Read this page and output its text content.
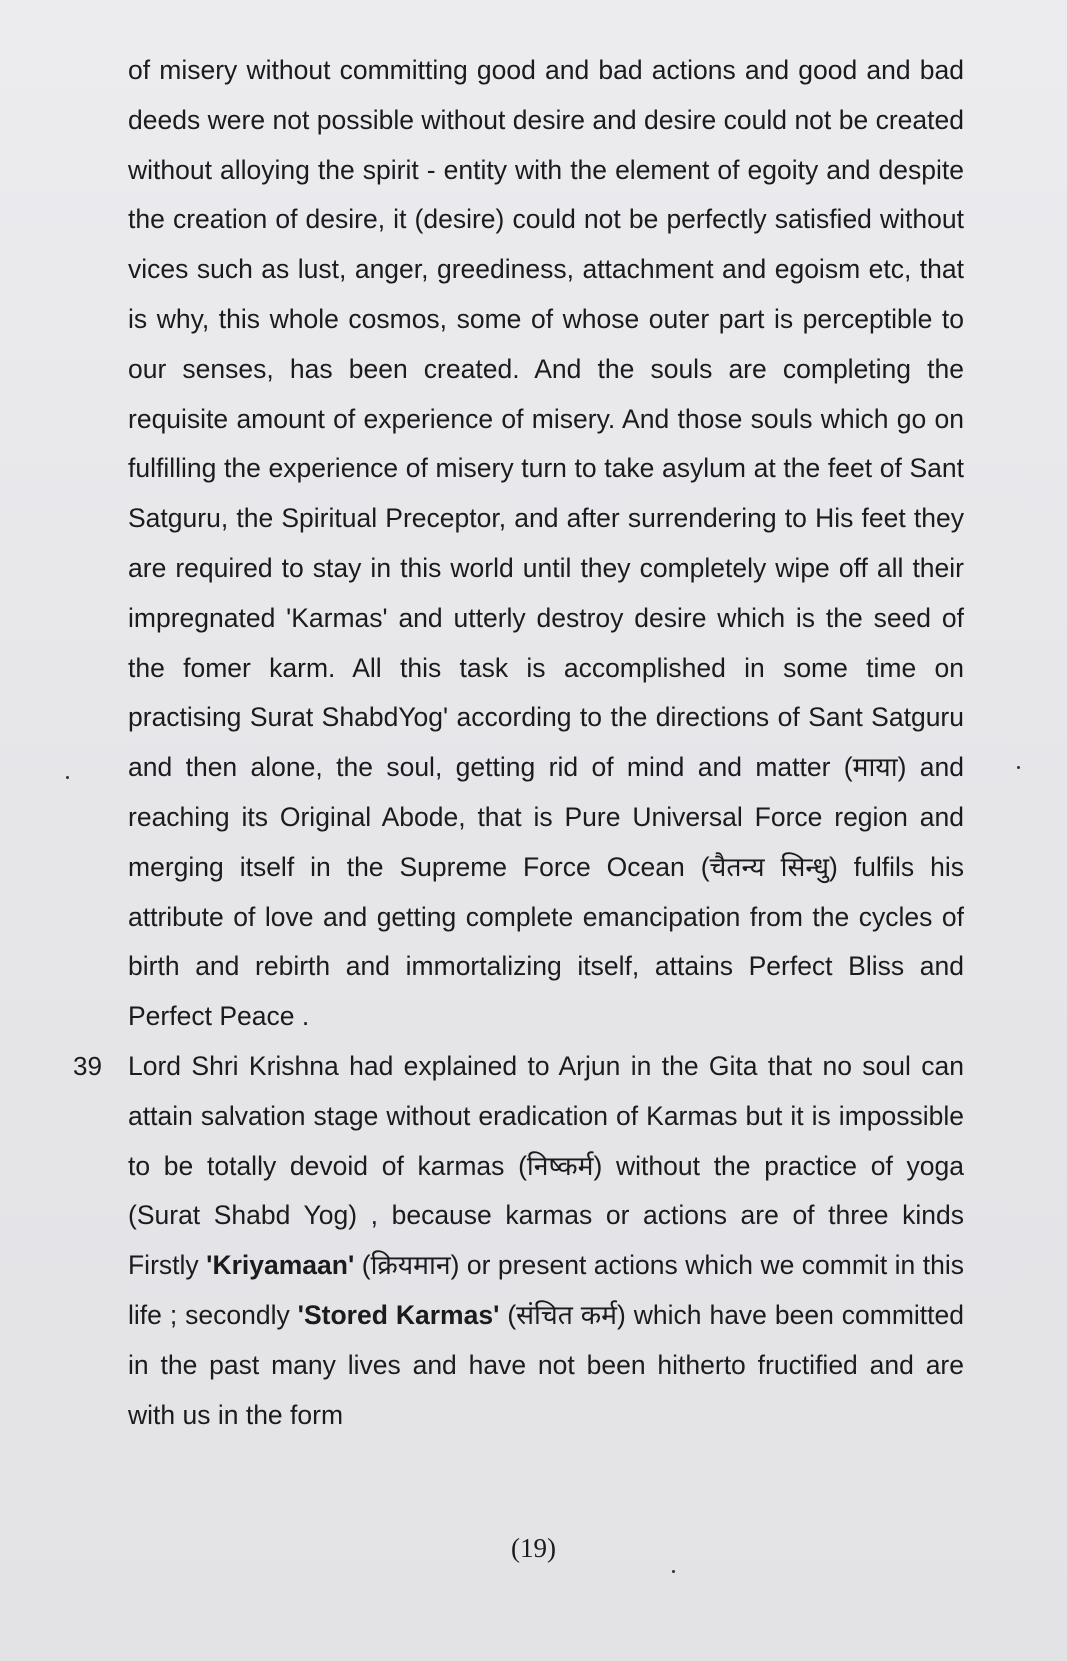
of misery without committing good and bad actions and good and bad deeds were not possible without desire and desire could not be created without alloying the spirit - entity with the element of egoity and despite the creation of desire, it (desire) could not be perfectly satisfied without vices such as lust, anger, greediness, attachment and egoism etc, that is why, this whole cosmos, some of whose outer part is perceptible to our senses, has been created. And the souls are completing the requisite amount of experience of misery. And those souls which go on fulfilling the experience of misery turn to take asylum at the feet of Sant Satguru, the Spiritual Preceptor, and after surrendering to His feet they are required to stay in this world until they completely wipe off all their impregnated 'Karmas' and utterly destroy desire which is the seed of the fomer karm. All this task is accomplished in some time on practising Surat ShabdYog' according to the directions of Sant Satguru and then alone, the soul, getting rid of mind and matter (माया) and reaching its Original Abode, that is Pure Universal Force region and merging itself in the Supreme Force Ocean (चैतन्य सिन्धु) fulfils his attribute of love and getting complete emancipation from the cycles of birth and rebirth and immortalizing itself, attains Perfect Bliss and Perfect Peace .

39 Lord Shri Krishna had explained to Arjun in the Gita that no soul can attain salvation stage without eradication of Karmas but it is impossible to be totally devoid of karmas (निष्कर्म) without the practice of yoga (Surat Shabd Yog) , because karmas or actions are of three kinds Firstly 'Kriyamaan' (क्रियमान) or present actions which we commit in this life ; secondly 'Stored Karmas' (संचित कर्म) which have been committed in the past many lives and have not been hitherto fructified and are with us in the form

(19)
